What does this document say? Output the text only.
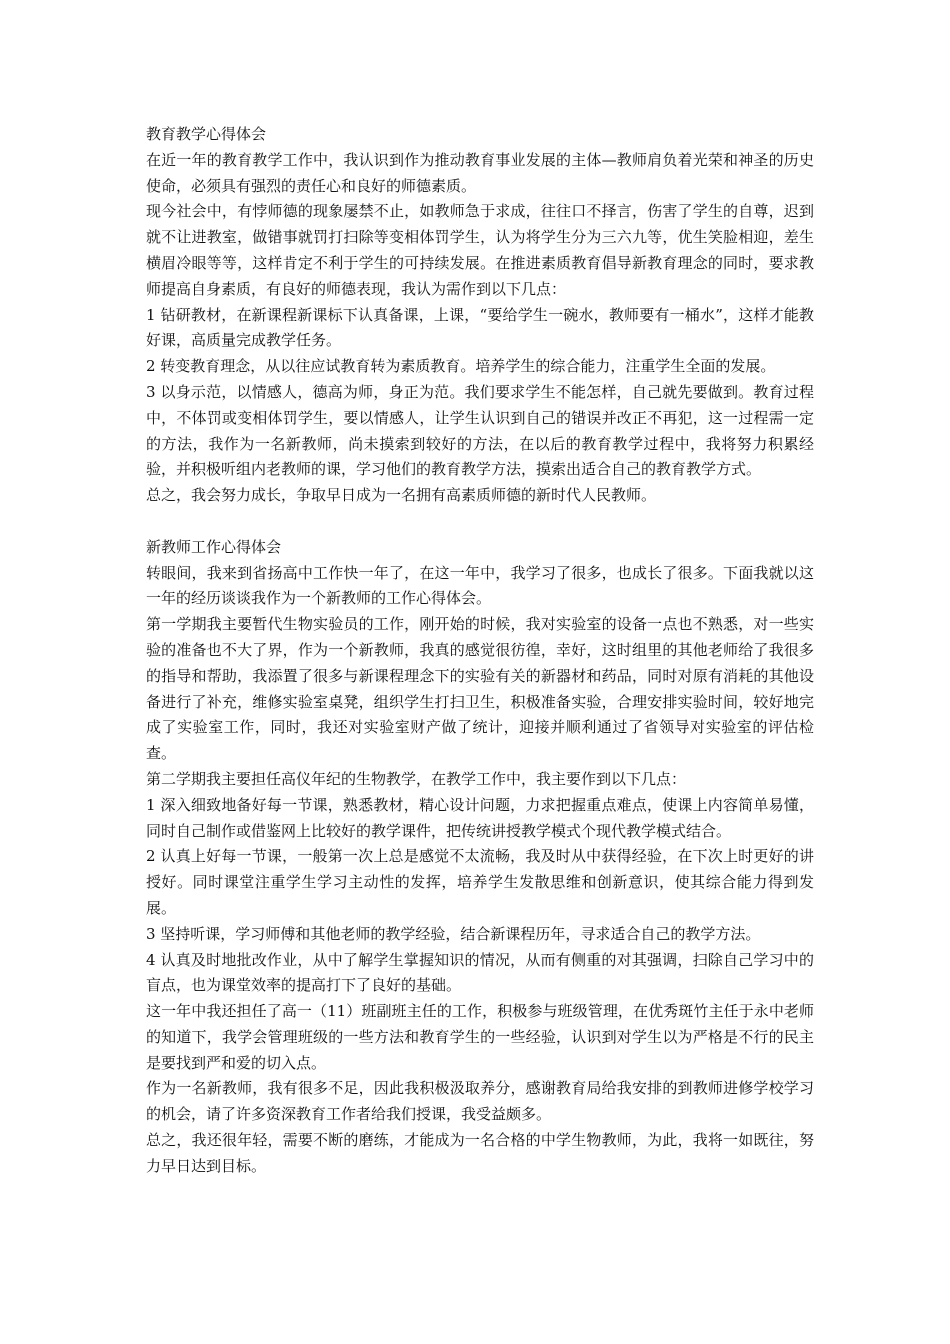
教育教学心得体会

在近一年的教育教学工作中，我认识到作为推动教育事业发展的主体—教师肩负着光荣和神圣的历史使命，必须具有强烈的责任心和良好的师德素质。

现今社会中，有悖师德的现象屡禁不止，如教师急于求成，往往口不择言，伤害了学生的自尊，迟到就不让进教室，做错事就罚打扫除等变相体罚学生，认为将学生分为三六九等，优生笑脸相迎，差生横眉冷眼等等，这样肯定不利于学生的可持续发展。在推进素质教育倡导新教育理念的同时，要求教师提高自身素质，有良好的师德表现，我认为需作到以下几点：

1 钻研教材，在新课程新课标下认真备课，上课，“要给学生一碗水，教师要有一桶水”，这样才能教好课，高质量完成教学任务。

2 转变教育理念，从以往应试教育转为素质教育。培养学生的综合能力，注重学生全面的发展。

3 以身示范，以情感人，德高为师，身正为范。我们要求学生不能怎样，自己就先要做到。教育过程中，不体罚或变相体罚学生，要以情感人，让学生认识到自己的错误并改正不再犯，这一过程需一定的方法，我作为一名新教师，尚未摸索到较好的方法，在以后的教育教学过程中，我将努力积累经验，并积极听组内老教师的课，学习他们的教育教学方法，摸索出适合自己的教育教学方式。

总之，我会努力成长，争取早日成为一名拥有高素质师德的新时代人民教师。

新教师工作心得体会

转眼间，我来到省扬高中工作快一年了，在这一年中，我学习了很多，也成长了很多。下面我就以这一年的经历谈谈我作为一个新教师的工作心得体会。

第一学期我主要暂代生物实验员的工作，刚开始的时候，我对实验室的设备一点也不熟悉，对一些实验的准备也不大了界，作为一个新教师，我真的感觉很彷徨，幸好，这时组里的其他老师给了我很多的指导和帮助，我添置了很多与新课程理念下的实验有关的新器材和药品，同时对原有消耗的其他设备进行了补充，维修实验室桌凳，组织学生打扫卫生，积极准备实验，合理安排实验时间，较好地完成了实验室工作，同时，我还对实验室财产做了统计，迎接并顺利通过了省领导对实验室的评估检查。

第二学期我主要担任高仪年纪的生物教学，在教学工作中，我主要作到以下几点：

1 深入细致地备好每一节课，熟悉教材，精心设计问题，力求把握重点难点，使课上内容简单易懂，同时自己制作或借鉴网上比较好的教学课件，把传统讲授教学模式个现代教学模式结合。

2 认真上好每一节课，一般第一次上总是感觉不太流畅，我及时从中获得经验，在下次上时更好的讲授好。同时课堂注重学生学习主动性的发挥，培养学生发散思维和创新意识，使其综合能力得到发展。

3 坚持听课，学习师傅和其他老师的教学经验，结合新课程历年，寻求适合自己的教学方法。

4 认真及时地批改作业，从中了解学生掌握知识的情况，从而有侧重的对其强调，扫除自己学习中的盲点，也为课堂效率的提高打下了良好的基础。

这一年中我还担任了高一（11）班副班主任的工作，积极参与班级管理，在优秀斑竹主任于永中老师的知道下，我学会管理班级的一些方法和教育学生的一些经验，认识到对学生以为严格是不行的民主是要找到严和爱的切入点。

作为一名新教师，我有很多不足，因此我积极汲取养分，感谢教育局给我安排的到教师进修学校学习的机会，请了许多资深教育工作者给我们授课，我受益颇多。

总之，我还很年轻，需要不断的磨练，才能成为一名合格的中学生物教师，为此，我将一如既往，努力早日达到目标。
